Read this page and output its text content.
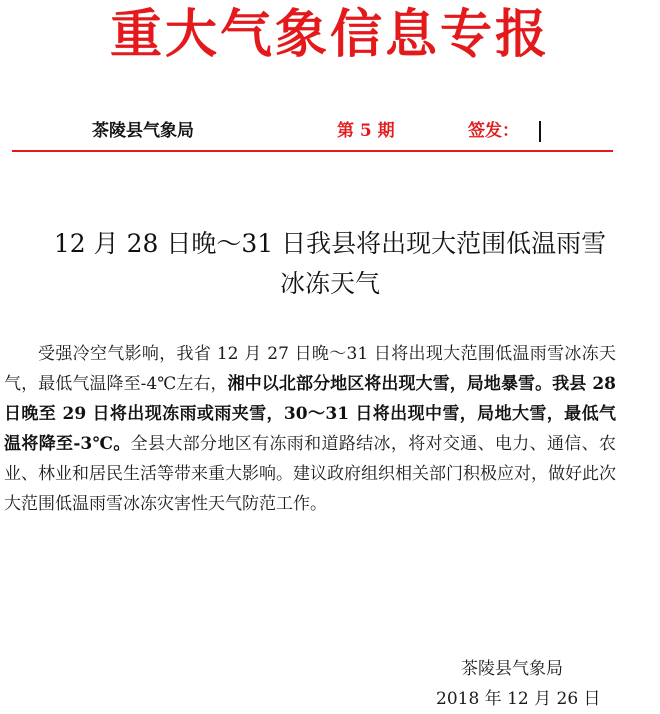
重大气象信息专报
茶陵县气象局	第 5 期	签发：
12 月 28 日晚～31 日我县将出现大范围低温雨雪
冰冻天气
受强冷空气影响，我省 12 月 27 日晚～31 日将出现大范围低温雨雪冰冻天气，最低气温降至-4℃左右，湘中以北部分地区将出现大雪，局地暴雪。我县 28 日晚至 29 日将出现冻雨或雨夹雪，30～31 日将出现中雪，局地大雪，最低气温将降至-3℃。全县大部分地区有冻雨和道路结冰，将对交通、电力、通信、农业、林业和居民生活等带来重大影响。建议政府组织相关部门积极应对，做好此次大范围低温雨雪冰冻灾害性天气防范工作。
茶陵县气象局
2018 年 12 月 26 日
